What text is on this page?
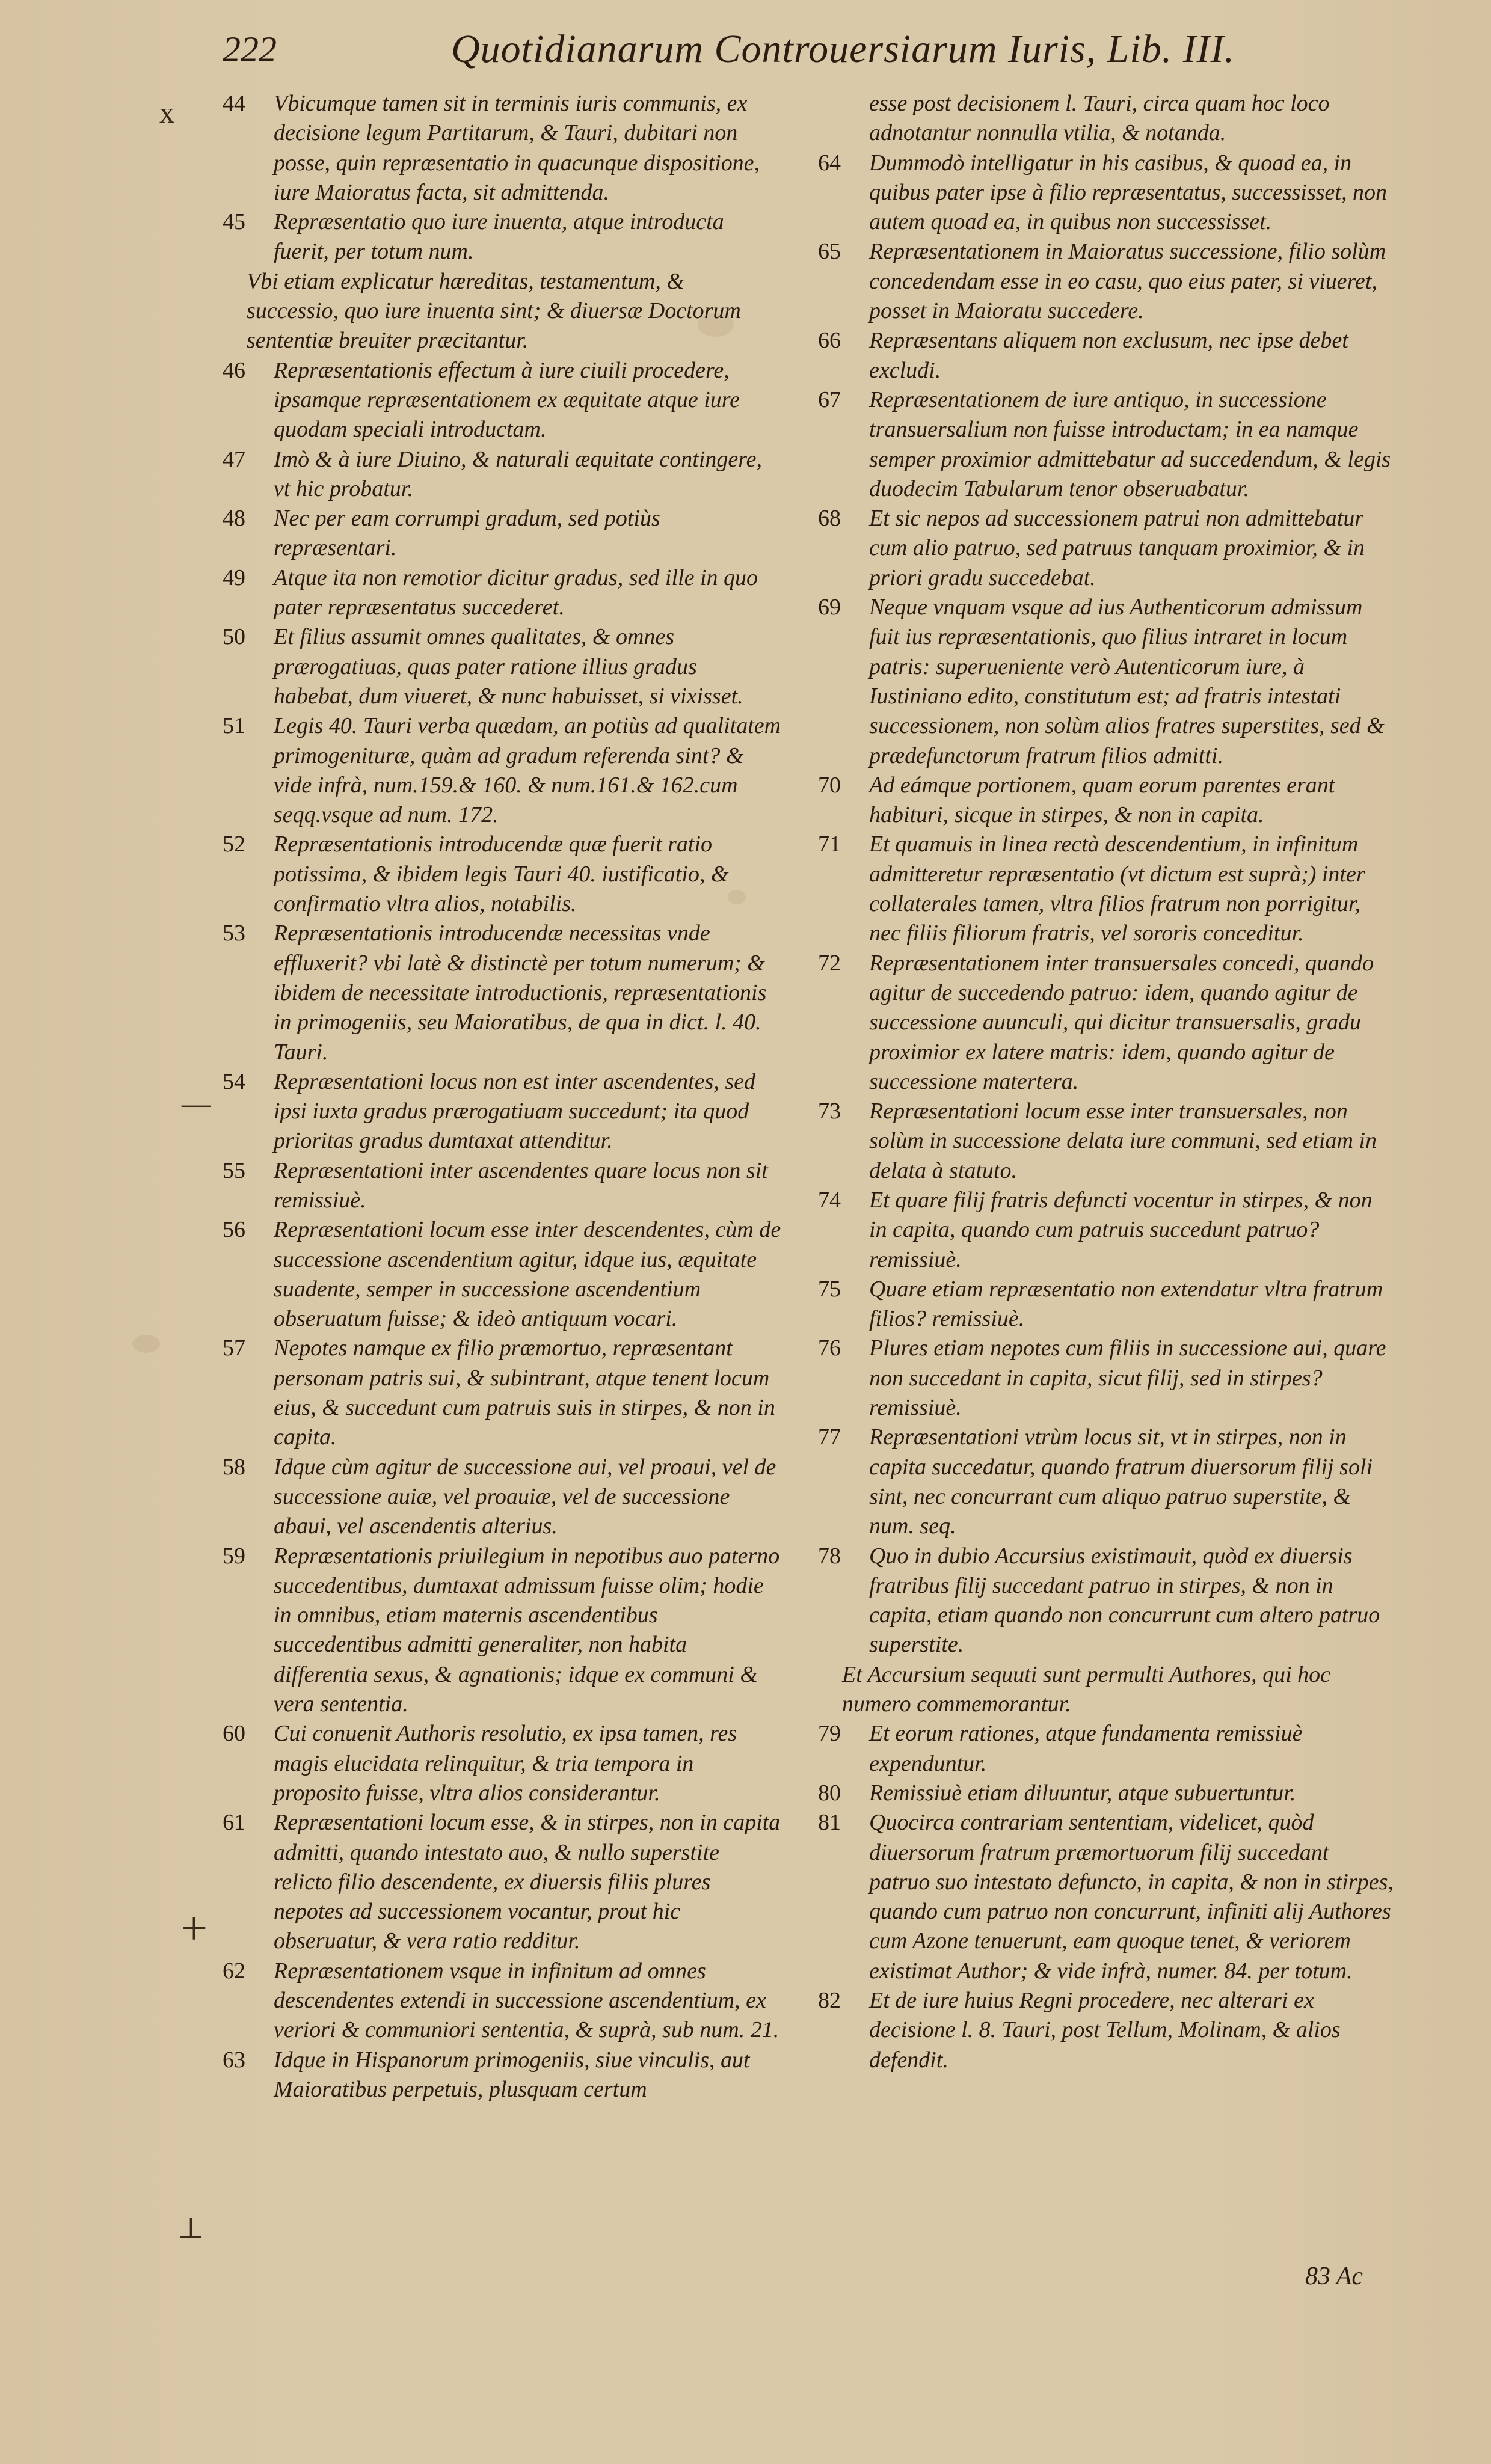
222	Quotidianarum Controuersiarum Iuris, Lib. III.
x
—
+
⊥
44	Vbicumque tamen sit in terminis iuris communis, ex decisione legum Partitarum, & Tauri, dubitari non posse, quin repræsentatio in quacunque dispositione, iure Maioratus facta, sit admittenda.
45	Repræsentatio quo iure inuenta, atque introducta fuerit, per totum num.
Vbi etiam explicatur hæreditas, testamentum, & successio, quo iure inuenta sint; & diuersæ Doctorum sententiæ breuiter præcitantur.
46	Repræsentationis effectum à iure ciuili procedere, ipsamque repræsentationem ex æquitate atque iure quodam speciali introductam.
47	Imò & à iure Diuino, & naturali æquitate contingere, vt hic probatur.
48	Nec per eam corrumpi gradum, sed potiùs repræsentari.
49	Atque ita non remotior dicitur gradus, sed ille in quo pater repræsentatus succederet.
50	Et filius assumit omnes qualitates, & omnes prærogatiuas, quas pater ratione illius gradus habebat, dum viueret, & nunc habuisset, si vixisset.
51	Legis 40. Tauri verba quædam, an potiùs ad qualitatem primogenituræ, quàm ad gradum referenda sint? & vide infrà, num.159.& 160. & num.161.& 162.cum seqq.vsque ad num. 172.
52	Repræsentationis introducendæ quæ fuerit ratio potissima, & ibidem legis Tauri 40. iustificatio, & confirmatio vltra alios, notabilis.
53	Repræsentationis introducendæ necessitas vnde effluxerit? vbi latè & distinctè per totum numerum; & ibidem de necessitate introductionis, repræsentationis in primogeniis, seu Maioratibus, de qua in dict. l. 40. Tauri.
54	Repræsentationi locus non est inter ascendentes, sed ipsi iuxta gradus prærogatiuam succedunt; ita quod prioritas gradus dumtaxat attenditur.
55	Repræsentationi inter ascendentes quare locus non sit remissiuè.
56	Repræsentationi locum esse inter descendentes, cùm de successione ascendentium agitur, idque ius, æquitate suadente, semper in successione ascendentium obseruatum fuisse; & ideò antiquum vocari.
57	Nepotes namque ex filio præmortuo, repræsentant personam patris sui, & subintrant, atque tenent locum eius, & succedunt cum patruis suis in stirpes, & non in capita.
58	Idque cùm agitur de successione aui, vel proaui, vel de successione auiæ, vel proauiæ, vel de successione abaui, vel ascendentis alterius.
59	Repræsentationis priuilegium in nepotibus auo paterno succedentibus, dumtaxat admissum fuisse olim; hodie in omnibus, etiam maternis ascendentibus succedentibus admitti generaliter, non habita differentia sexus, & agnationis; idque ex communi & vera sententia.
60	Cui conuenit Authoris resolutio, ex ipsa tamen, res magis elucidata relinquitur, & tria tempora in proposito fuisse, vltra alios considerantur.
61	Repræsentationi locum esse, & in stirpes, non in capita admitti, quando intestato auo, & nullo superstite relicto filio descendente, ex diuersis filiis plures nepotes ad successionem vocantur, prout hic obseruatur, & vera ratio redditur.
62	Repræsentationem vsque in infinitum ad omnes descendentes extendi in successione ascendentium, ex veriori & communiori sententia, & suprà, sub num. 21.
63	Idque in Hispanorum primogeniis, siue vinculis, aut Maioratibus perpetuis, plusquam certum
esse post decisionem l. Tauri, circa quam hoc loco adnotantur nonnulla vtilia, & notanda.
64	Dummodò intelligatur in his casibus, & quoad ea, in quibus pater ipse à filio repræsentatus, successisset, non autem quoad ea, in quibus non successisset.
65	Repræsentationem in Maioratus successione, filio solùm concedendam esse in eo casu, quo eius pater, si viueret, posset in Maioratu succedere.
66	Repræsentans aliquem non exclusum, nec ipse debet excludi.
67	Repræsentationem de iure antiquo, in successione transuersalium non fuisse introductam; in ea namque semper proximior admittebatur ad succedendum, & legis duodecim Tabularum tenor obseruabatur.
68	Et sic nepos ad successionem patrui non admittebatur cum alio patruo, sed patruus tanquam proximior, & in priori gradu succedebat.
69	Neque vnquam vsque ad ius Authenticorum admissum fuit ius repræsentationis, quo filius intraret in locum patris: superueniente verò Autenticorum iure, à Iustiniano edito, constitutum est; ad fratris intestati successionem, non solùm alios fratres superstites, sed & prædefunctorum fratrum filios admitti.
70	Ad eámque portionem, quam eorum parentes erant habituri, sicque in stirpes, & non in capita.
71	Et quamuis in linea rectà descendentium, in infinitum admitteretur repræsentatio (vt dictum est suprà;) inter collaterales tamen, vltra filios fratrum non porrigitur, nec filiis filiorum fratris, vel sororis conceditur.
72	Repræsentationem inter transuersales concedi, quando agitur de succedendo patruo: idem, quando agitur de successione auunculi, qui dicitur transuersalis, gradu proximior ex latere matris: idem, quando agitur de successione matertera.
73	Repræsentationi locum esse inter transuersales, non solùm in successione delata iure communi, sed etiam in delata à statuto.
74	Et quare filij fratris defuncti vocentur in stirpes, & non in capita, quando cum patruis succedunt patruo? remissiuè.
75	Quare etiam repræsentatio non extendatur vltra fratrum filios? remissiuè.
76	Plures etiam nepotes cum filiis in successione aui, quare non succedant in capita, sicut filij, sed in stirpes? remissiuè.
77	Repræsentationi vtrùm locus sit, vt in stirpes, non in capita succedatur, quando fratrum diuersorum filij soli sint, nec concurrant cum aliquo patruo superstite, & num. seq.
78	Quo in dubio Accursius existimauit, quòd ex diuersis fratribus filij succedant patruo in stirpes, & non in capita, etiam quando non concurrunt cum altero patruo superstite.
Et Accursium sequuti sunt permulti Authores, qui hoc numero commemorantur.
79	Et eorum rationes, atque fundamenta remissiuè expenduntur.
80	Remissiuè etiam diluuntur, atque subuertuntur.
81	Quocirca contrariam sententiam, videlicet, quòd diuersorum fratrum præmortuorum filij succedant patruo suo intestato defuncto, in capita, & non in stirpes, quando cum patruo non concurrunt, infiniti alij Authores cum Azone tenuerunt, eam quoque tenet, & veriorem existimat Author; & vide infrà, numer. 84. per totum.
82	Et de iure huius Regni procedere, nec alterari ex decisione l. 8. Tauri, post Tellum, Molinam, & alios defendit.
83 Ac
